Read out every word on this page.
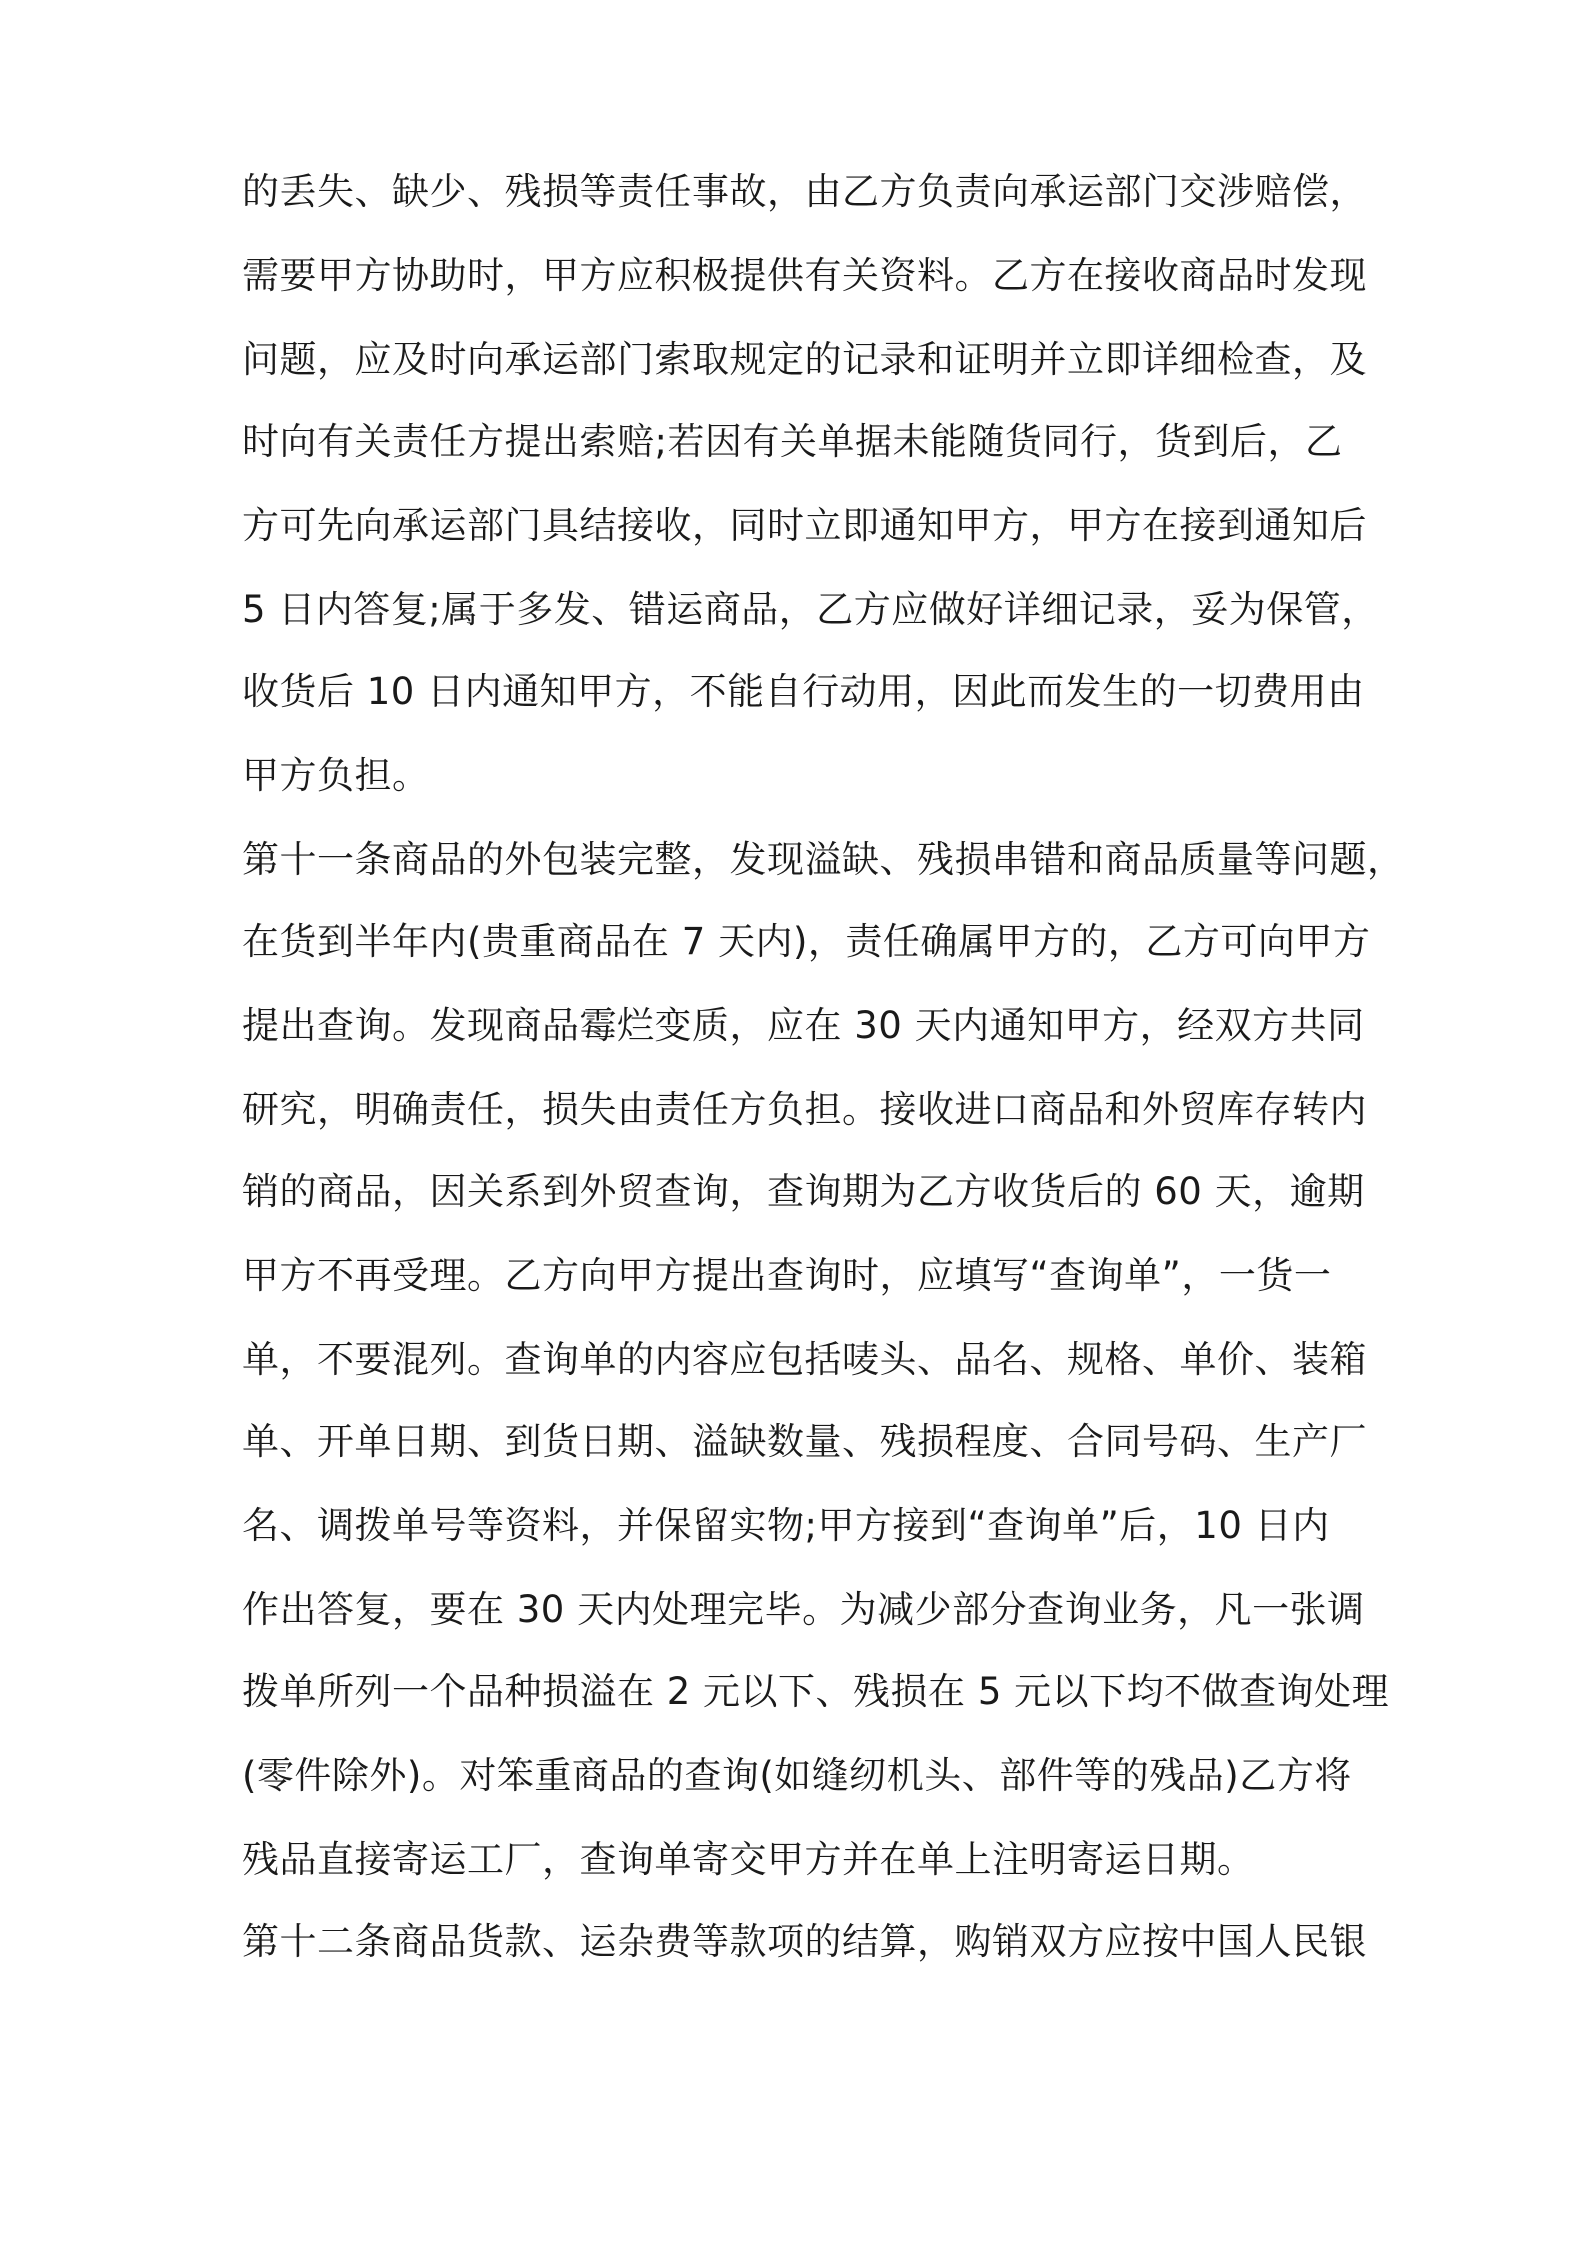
的丢失、缺少、残损等责任事故，由乙方负责向承运部门交涉赔偿，
需要甲方协助时，甲方应积极提供有关资料。乙方在接收商品时发现
问题，应及时向承运部门索取规定的记录和证明并立即详细检查，及
时向有关责任方提出索赔;若因有关单据未能随货同行，货到后，乙
方可先向承运部门具结接收，同时立即通知甲方，甲方在接到通知后
5 日内答复;属于多发、错运商品，乙方应做好详细记录，妥为保管，
收货后 10 日内通知甲方，不能自行动用，因此而发生的一切费用由
甲方负担。
第十一条商品的外包装完整，发现溢缺、残损串错和商品质量等问题，
在货到半年内(贵重商品在 7 天内)，责任确属甲方的，乙方可向甲方
提出查询。发现商品霉烂变质，应在 30 天内通知甲方，经双方共同
研究，明确责任，损失由责任方负担。接收进口商品和外贸库存转内
销的商品，因关系到外贸查询，查询期为乙方收货后的 60 天，逾期
甲方不再受理。乙方向甲方提出查询时，应填写“查询单”，一货一
单，不要混列。查询单的内容应包括唛头、品名、规格、单价、装箱
单、开单日期、到货日期、溢缺数量、残损程度、合同号码、生产厂
名、调拨单号等资料，并保留实物;甲方接到“查询单”后，10 日内
作出答复，要在 30 天内处理完毕。为减少部分查询业务，凡一张调
拨单所列一个品种损溢在 2 元以下、残损在 5 元以下均不做查询处理
(零件除外)。对笨重商品的查询(如缝纫机头、部件等的残品)乙方将
残品直接寄运工厂，查询单寄交甲方并在单上注明寄运日期。
第十二条商品货款、运杂费等款项的结算，购销双方应按中国人民银
